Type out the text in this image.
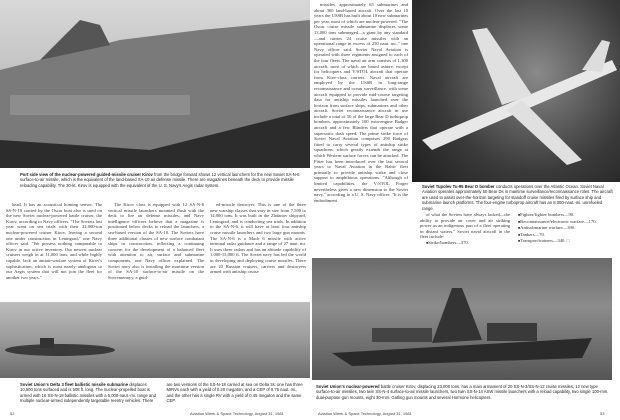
Port side view of the nuclear-powered guided-missile cruiser Kirov from the bridge forward shows 12 vertical launchers for the new Soviet SA-N-6 surface-to-air missile, which is the equivalent of the land-based SA-10 air defense missile. There are magazines beneath the deck to provide missile reloading capability. The 30-kt. Kirov is equipped with the equivalent of the U. S. Navy's Aegis radar system.

head. It has an acoustical homing sensor. The SS-N-19 carried by the Oscar boat also is used on the new Soviet nuclear-powered battle cruiser, the Kirov, according to Navy officers. "The Soviets last year went on sea trials with their 22,000-ton nuclear-powered cruiser Kirov, leaving a second one under construction in Leningrad," one Navy officer said. "We possess nothing comparable to Kirov in our active inventory. Our newest nuclear cruisers weigh in at 11,000 tons, and while highly capable, lack an antiair-warfare system of Kirov's sophistication, which is most nearly analogous to our Aegis system that will not join the fleet for another two years."

The Kirov class is equipped with 12 SA-N-6 vertical missile launchers mounted flush with the deck to fire air defense missiles, and Navy intelligence officers believe that a magazine is positioned below decks to reload the launchers, a sea-based version of the SA-10. The Soviets have three additional classes of new surface combatant ships in construction, reflecting a continuing concern for the development of a balanced fleet with attention to air, surface and submarine components, one Navy officer explained. The Soviet navy also is installing the maritime version of the SA-10 surface-to-air missile on the Sovremennyy, a guid-

ed-missile destroyer. This is one of the three new warship classes that vary in size from 7,500 to 14,000 tons. It was built in the Zhdanov shipyard, Leningrad, and is conducting sea trials. In addition to the SA-N-6, it will have at least four antiship cruise missile launchers and two large gun mounts. The SA-N-6 is a Mach 6 missile with active terminal radar guidance and a range of 27 naut. mi. It uses three radars and has an altitude capability of 1,000-15,000 ft. The Soviet navy has led the world in developing and deploying cruise missiles. There are 20 Russian cruisers, carriers and destroyers armed with antiship cruise

Soviet Union's Delta 3 fleet ballistic missile submarine displaces 10,500 tons surfaced and is 508 ft. long. The nuclear-propelled boat is armed with 16 SS-N-18 ballistic missiles with a 5,000-naut.-mi. range and multiple nuclear-armed independently targetable reentry vehicles. There are two versions of the SS-N-18 carried at sea on Delta 3s: one has three MIRVs each with a yield of 0.20 megaton, and a CEP of 0.75 naut. mi., and the other has a single RV with a yield of 0.45 megaton and the same CEP.
52	Aviation Week & Space Technology, August 31, 1981

missiles, approximately 65 submarines and about 300 land-based aircraft. Over the last 10 years the USSR has built about 10 new submarines per year, most of which are nuclear-powered. "The Oscar cruise missile submarine displaces some 13,000 tons submerged—a giant by any standard—and carries 24 cruise missiles with an operational range in excess of 250 naut. mi.," one Navy officer said. Soviet Naval Aviation is operated with three regiments assigned to each of the four fleets. The naval air arm consists of 1,300 aircraft, most of which are based ashore, except for helicopters and V/STOL aircraft that operate from Kiev-class carriers. Naval aircraft are employed by the USSR in long-range reconnaissance and ocean surveillance, with some aircraft equipped to provide mid-course targeting data for antiship missiles launched over the horizon from surface ships, submarines and other aircraft. Soviet reconnaissance aircraft in use include a total of 50 of the large Bear D turboprop bombers, approximately 100 twin-engine Badger aircraft and a few Blinders that operate with a supersonic dash speed. The prime strike force of Soviet Naval Aviation comprises 290 Badgers fitted to carry several types of antiship strike squadrons, which greatly extends the range at which Western surface forces can be attacked. The Fitter has been introduced over the last several years to Naval Aviation in the Baltic fleet primarily to provide antiship strike and close support to amphibious operations. "Although of limited capabilities, the V/STOL Forger nevertheless gives a new dimension to the Soviet navy," according to a U. S. Navy officer. "It is the embodiment

Soviet Tupolev Tu-95 Bear D bomber conducts operations over the Atlantic Ocean. Soviet Naval Aviation operates approximately 50 Bear Ds in maritime surveillance/reconnaissance roles. The aircraft are used to assist over-the-horizon targeting for standoff cruise missiles fired by surface ship and submarine launch platforms. The four-engine turboprop aircraft has an 8,000-naut.-mi. unrefueled range.

of what the Soviets have always lacked—the ability to provide air cover and air striking power as an indigenous part of a fleet operating in distant waters." Soviet naval aircraft in the fleet include:

■ Strike/bombers—370.
■ Fighter/fighter bombers—90.
■ Reconnaissance/electronic warfare—170.
■ Antisubmarine warfare—390.
■ Tankers—70.
■ Transport/trainers—340. □
Soviet Union's nuclear-powered battle cruiser Kirov, displacing 23,000 tons, has a main armament of 20 SS-N-3/SS-N-12 cruise missiles, 12 new type surface-to-air missiles, two twin SS-N-4 surface-to-air missile launchers, two twin SS-N-14 ASW missile launchers with a reload capability, two single 100-mm. dual-purpose gun mounts, eight 30-mm. Gatling gun mounts and several Hormone helicopters.
Aviation Week & Space Technology, August 31, 1981	53
